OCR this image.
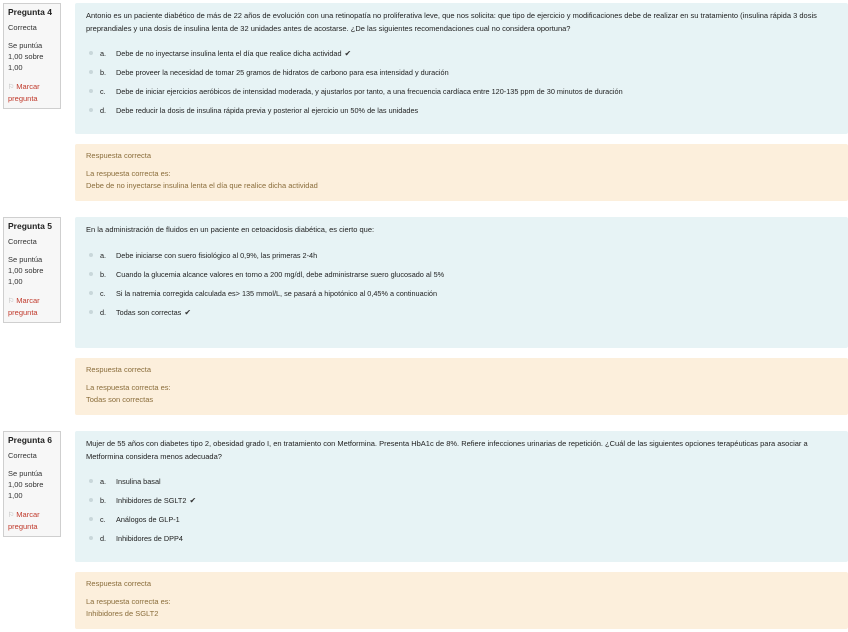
Pregunta 4
Correcta
Se puntúa
1,00 sobre
1,00
⚐ Marcar
pregunta
Antonio es un paciente diabético de más de 22 años de evolución con una retinopatía no proliferativa leve, que nos solicita: que tipo de ejercicio y modificaciones debe de realizar en su tratamiento (insulina rápida 3 dosis preprandiales y una dosis de insulina lenta de 32 unidades antes de acostarse. ¿De las siguientes recomendaciones cual no considera oportuna?
a. Debe de no inyectarse insulina lenta el día que realice dicha actividad ✔
b. Debe proveer la necesidad de tomar 25 gramos de hidratos de carbono para esa intensidad y duración
c. Debe de iniciar ejercicios aeróbicos de intensidad moderada, y ajustarlos por tanto, a una frecuencia cardíaca entre 120-135 ppm de 30 minutos de duración
d. Debe reducir la dosis de insulina rápida previa y posterior al ejercicio un 50% de las unidades
Respuesta correcta
La respuesta correcta es:
Debe de no inyectarse insulina lenta el día que realice dicha actividad
Pregunta 5
Correcta
Se puntúa
1,00 sobre
1,00
⚐ Marcar
pregunta
En la administración de fluidos en un paciente en cetoacidosis diabética, es cierto que:
a. Debe iniciarse con suero fisiológico al 0,9%, las primeras 2-4h
b. Cuando la glucemia alcance valores en torno a 200 mg/dl, debe administrarse suero glucosado al 5%
c. Si la natremia corregida calculada es> 135 mmol/L, se pasará a hipotónico al 0,45% a continuación
d. Todas son correctas ✔
Respuesta correcta
La respuesta correcta es:
Todas son correctas
Pregunta 6
Correcta
Se puntúa
1,00 sobre
1,00
⚐ Marcar
pregunta
Mujer de 55 años con diabetes tipo 2, obesidad grado I, en tratamiento con Metformina. Presenta HbA1c de 8%. Refiere infecciones urinarias de repetición. ¿Cuál de las siguientes opciones terapéuticas para asociar a Metformina considera menos adecuada?
a. Insulina basal
b. Inhibidores de SGLT2 ✔
c. Análogos de GLP-1
d. Inhibidores de DPP4
Respuesta correcta
La respuesta correcta es:
Inhibidores de SGLT2
